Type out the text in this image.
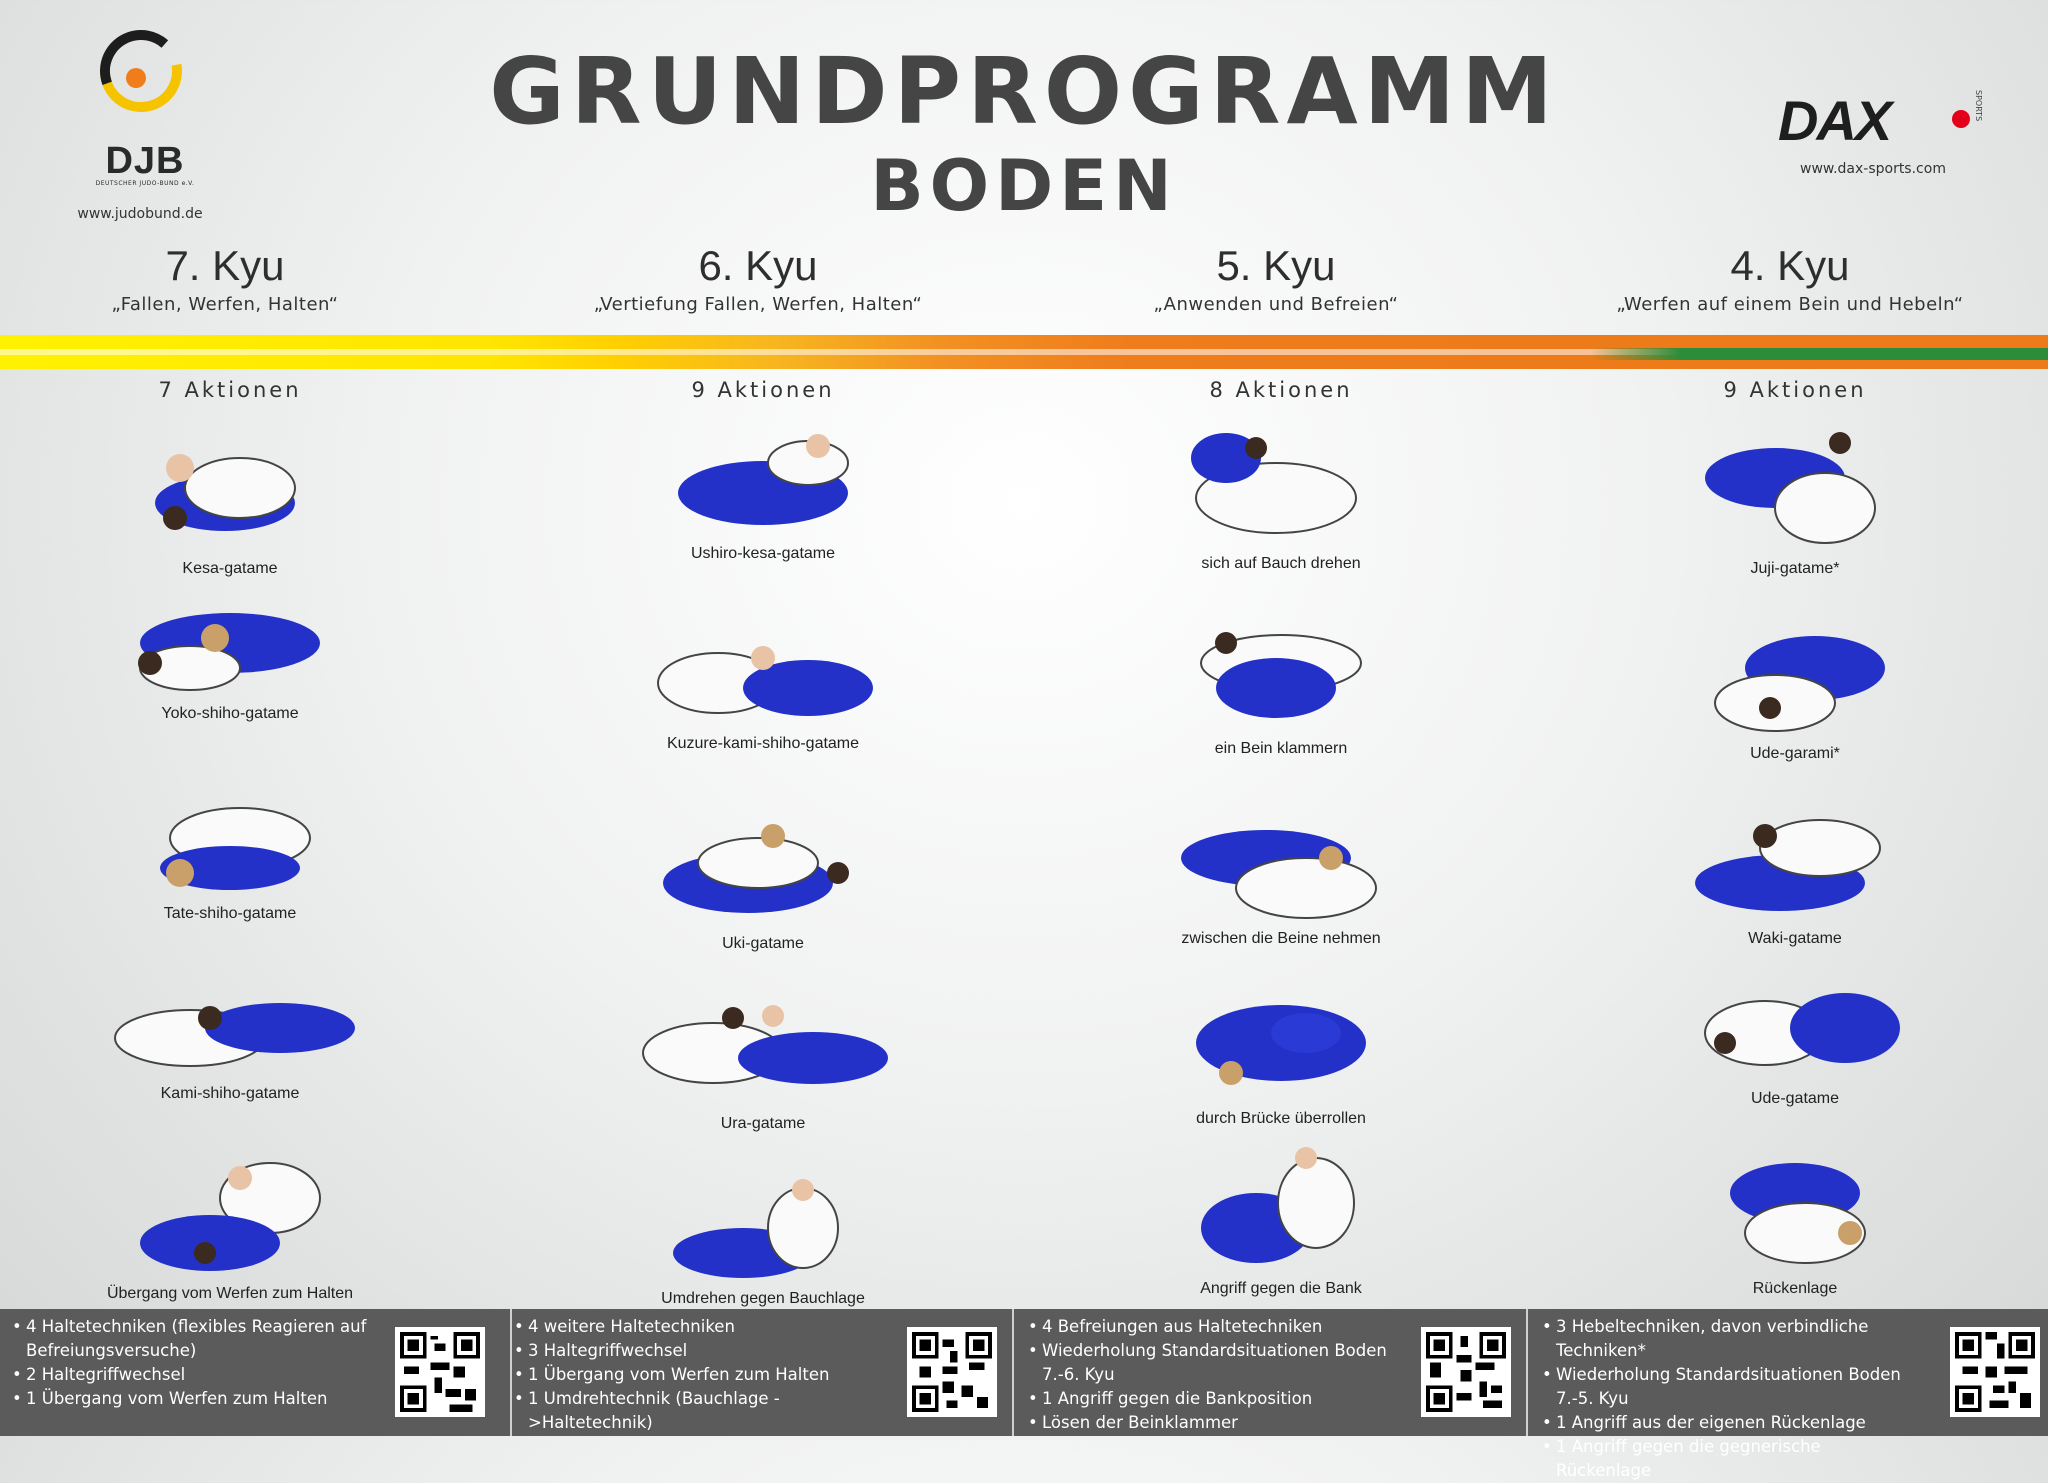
DJB
DEUTSCHER JUDO-BUND e.V.
www.judobund.de
GRUNDPROGRAMM
BODEN
DAX	SPORTS
www.dax-sports.com
7. Kyu
„Fallen, Werfen, Halten“
6. Kyu
„Vertiefung Fallen, Werfen, Halten“
5. Kyu
„Anwenden und Befreien“
4. Kyu
„Werfen auf einem Bein und Hebeln“
7 Aktionen
Kesa-gatame
Yoko-shiho-gatame
Tate-shiho-gatame
Kami-shiho-gatame
Übergang vom Werfen zum Halten
9 Aktionen
Ushiro-kesa-gatame
Kuzure-kami-shiho-gatame
Uki-gatame
Ura-gatame
Umdrehen gegen Bauchlage
8 Aktionen
sich auf Bauch drehen
ein Bein klammern
zwischen die Beine nehmen
durch Brücke überrollen
Angriff gegen die Bank
9 Aktionen
Juji-gatame*
Ude-garami*
Waki-gatame
Ude-gatame
Rückenlage
• 4 Haltetechniken (flexibles Reagieren auf Befreiungsversuche)
• 2 Haltegriffwechsel
• 1 Übergang vom Werfen zum Halten
• 4 weitere Haltetechniken
• 3 Haltegriffwechsel
• 1 Übergang vom Werfen zum Halten
• 1 Umdrehtechnik (Bauchlage ->Haltetechnik)
• 4 Befreiungen aus Haltetechniken
• Wiederholung Standardsituationen Boden 7.-6. Kyu
• 1 Angriff gegen die Bankposition
• Lösen der Beinklammer
• 3 Hebeltechniken, davon verbindliche Techniken*
• Wiederholung Standardsituationen Boden 7.-5. Kyu
• 1 Angriff aus der eigenen Rückenlage
• 1 Angriff gegen die gegnerische Rückenlage
